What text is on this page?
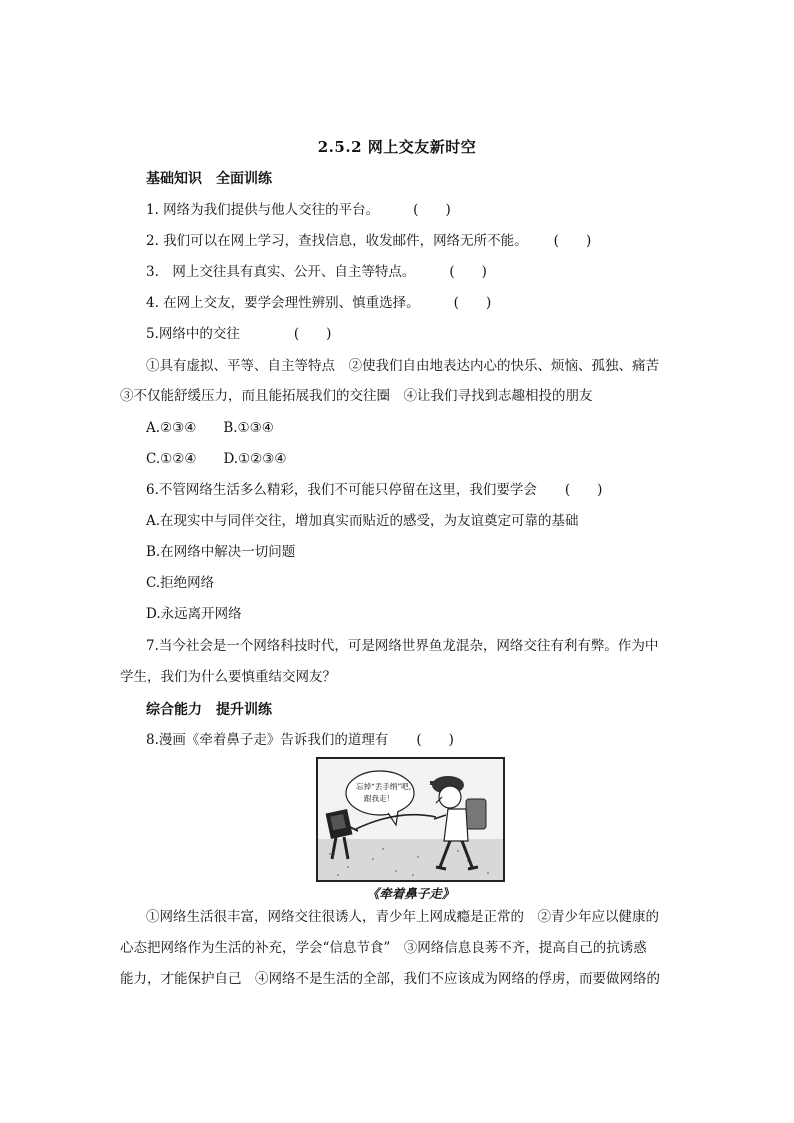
2.5.2 网上交友新时空
基础知识　全面训练
1. 网络为我们提供与他人交往的平台。	(　　)
2. 我们可以在网上学习，查找信息，收发邮件，网络无所不能。 (　　)
3.　网上交往具有真实、公开、自主等特点。	(　　)
4. 在网上交友，要学会理性辨别、慎重选择。	(　　)
5.网络中的交往	(　　)
①具有虚拟、平等、自主等特点　②使我们自由地表达内心的快乐、烦恼、孤独、痛苦
③不仅能舒缓压力，而且能拓展我们的交往圈　④让我们寻找到志趣相投的朋友
A.②③④　　B.①③④
C.①②④　　D.①②③④
6.不管网络生活多么精彩，我们不可能只停留在这里，我们要学会 (　　)
A.在现实中与同伴交往，增加真实而贴近的感受，为友谊奠定可靠的基础
B.在网络中解决一切问题
C.拒绝网络
D.永远离开网络
7.当今社会是一个网络科技时代，可是网络世界鱼龙混杂，网络交往有利有弊。作为中
学生，我们为什么要慎重结交网友？
综合能力　提升训练
8.漫画《牵着鼻子走》告诉我们的道理有 (　　)
忘掉“丢手绢”吧，
跟我走！
《牵着鼻子走》
①网络生活很丰富，网络交往很诱人，青少年上网成瘾是正常的　②青少年应以健康的
心态把网络作为生活的补充，学会“信息节食”　③网络信息良莠不齐，提高自己的抗诱惑
能力，才能保护自己　④网络不是生活的全部，我们不应该成为网络的俘虏，而要做网络的
